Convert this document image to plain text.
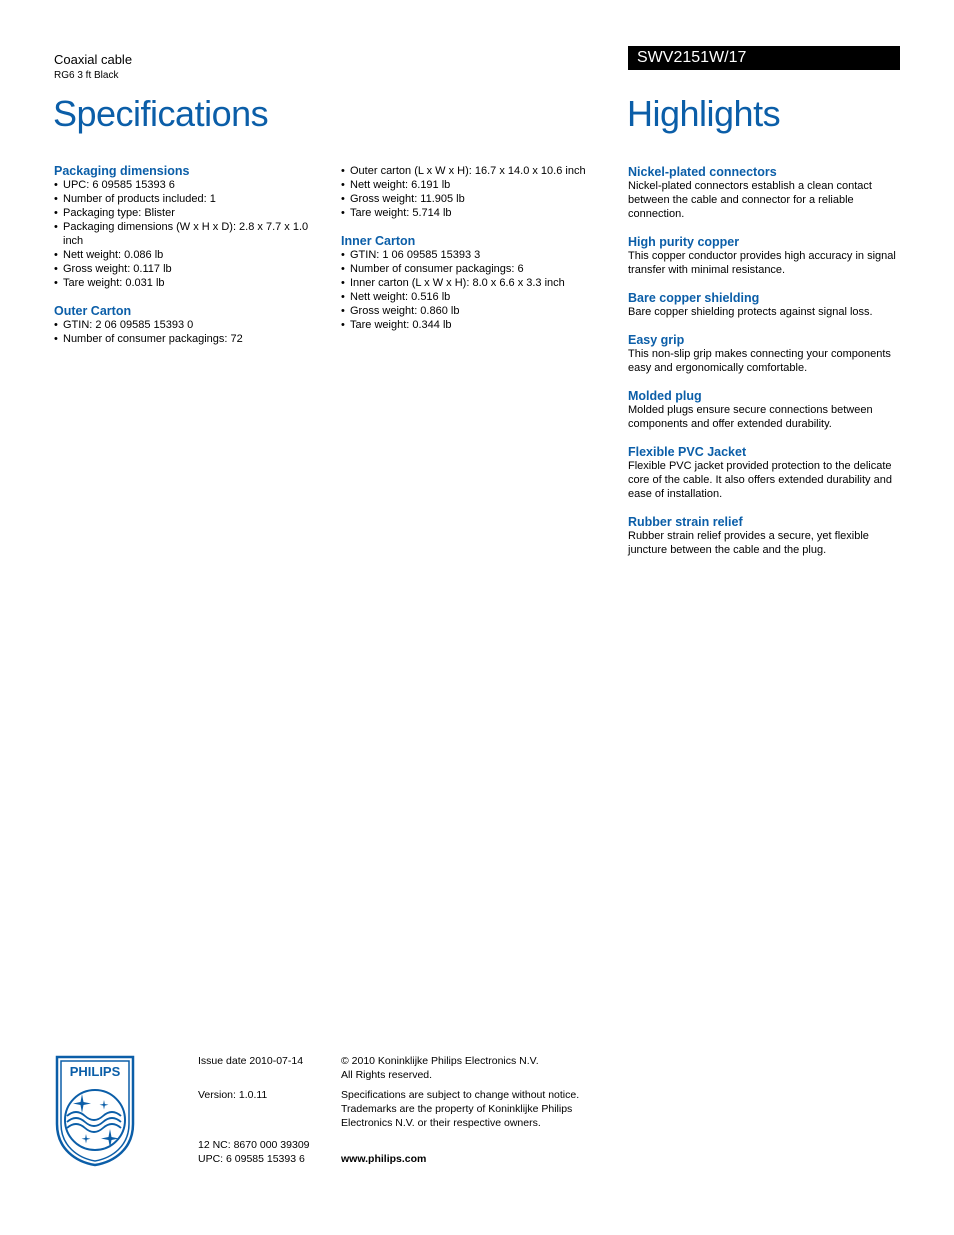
Coaxial cable
RG6 3 ft Black
SWV2151W/17
Specifications	Highlights
Packaging dimensions
• UPC: 6 09585 15393 6
• Number of products included: 1
• Packaging type: Blister
• Packaging dimensions (W x H x D): 2.8 x 7.7 x 1.0 inch
• Nett weight: 0.086 lb
• Gross weight: 0.117 lb
• Tare weight: 0.031 lb
Outer Carton
• GTIN: 2 06 09585 15393 0
• Number of consumer packagings: 72
• Outer carton (L x W x H): 16.7 x 14.0 x 10.6 inch
• Nett weight: 6.191 lb
• Gross weight: 11.905 lb
• Tare weight: 5.714 lb
Inner Carton
• GTIN: 1 06 09585 15393 3
• Number of consumer packagings: 6
• Inner carton (L x W x H): 8.0 x 6.6 x 3.3 inch
• Nett weight: 0.516 lb
• Gross weight: 0.860 lb
• Tare weight: 0.344 lb
Nickel-plated connectors
Nickel-plated connectors establish a clean contact between the cable and connector for a reliable connection.
High purity copper
This copper conductor provides high accuracy in signal transfer with minimal resistance.
Bare copper shielding
Bare copper shielding protects against signal loss.
Easy grip
This non-slip grip makes connecting your components easy and ergonomically comfortable.
Molded plug
Molded plugs ensure secure connections between components and offer extended durability.
Flexible PVC Jacket
Flexible PVC jacket provided protection to the delicate core of the cable. It also offers extended durability and ease of installation.
Rubber strain relief
Rubber strain relief provides a secure, yet flexible juncture between the cable and the plug.
PHILIPS
Issue date 2010-07-14
Version: 1.0.11
12 NC: 8670 000 39309
UPC: 6 09585 15393 6
© 2010 Koninklijke Philips Electronics N.V.
All Rights reserved.
Specifications are subject to change without notice. Trademarks are the property of Koninklijke Philips Electronics N.V. or their respective owners.
www.philips.com
